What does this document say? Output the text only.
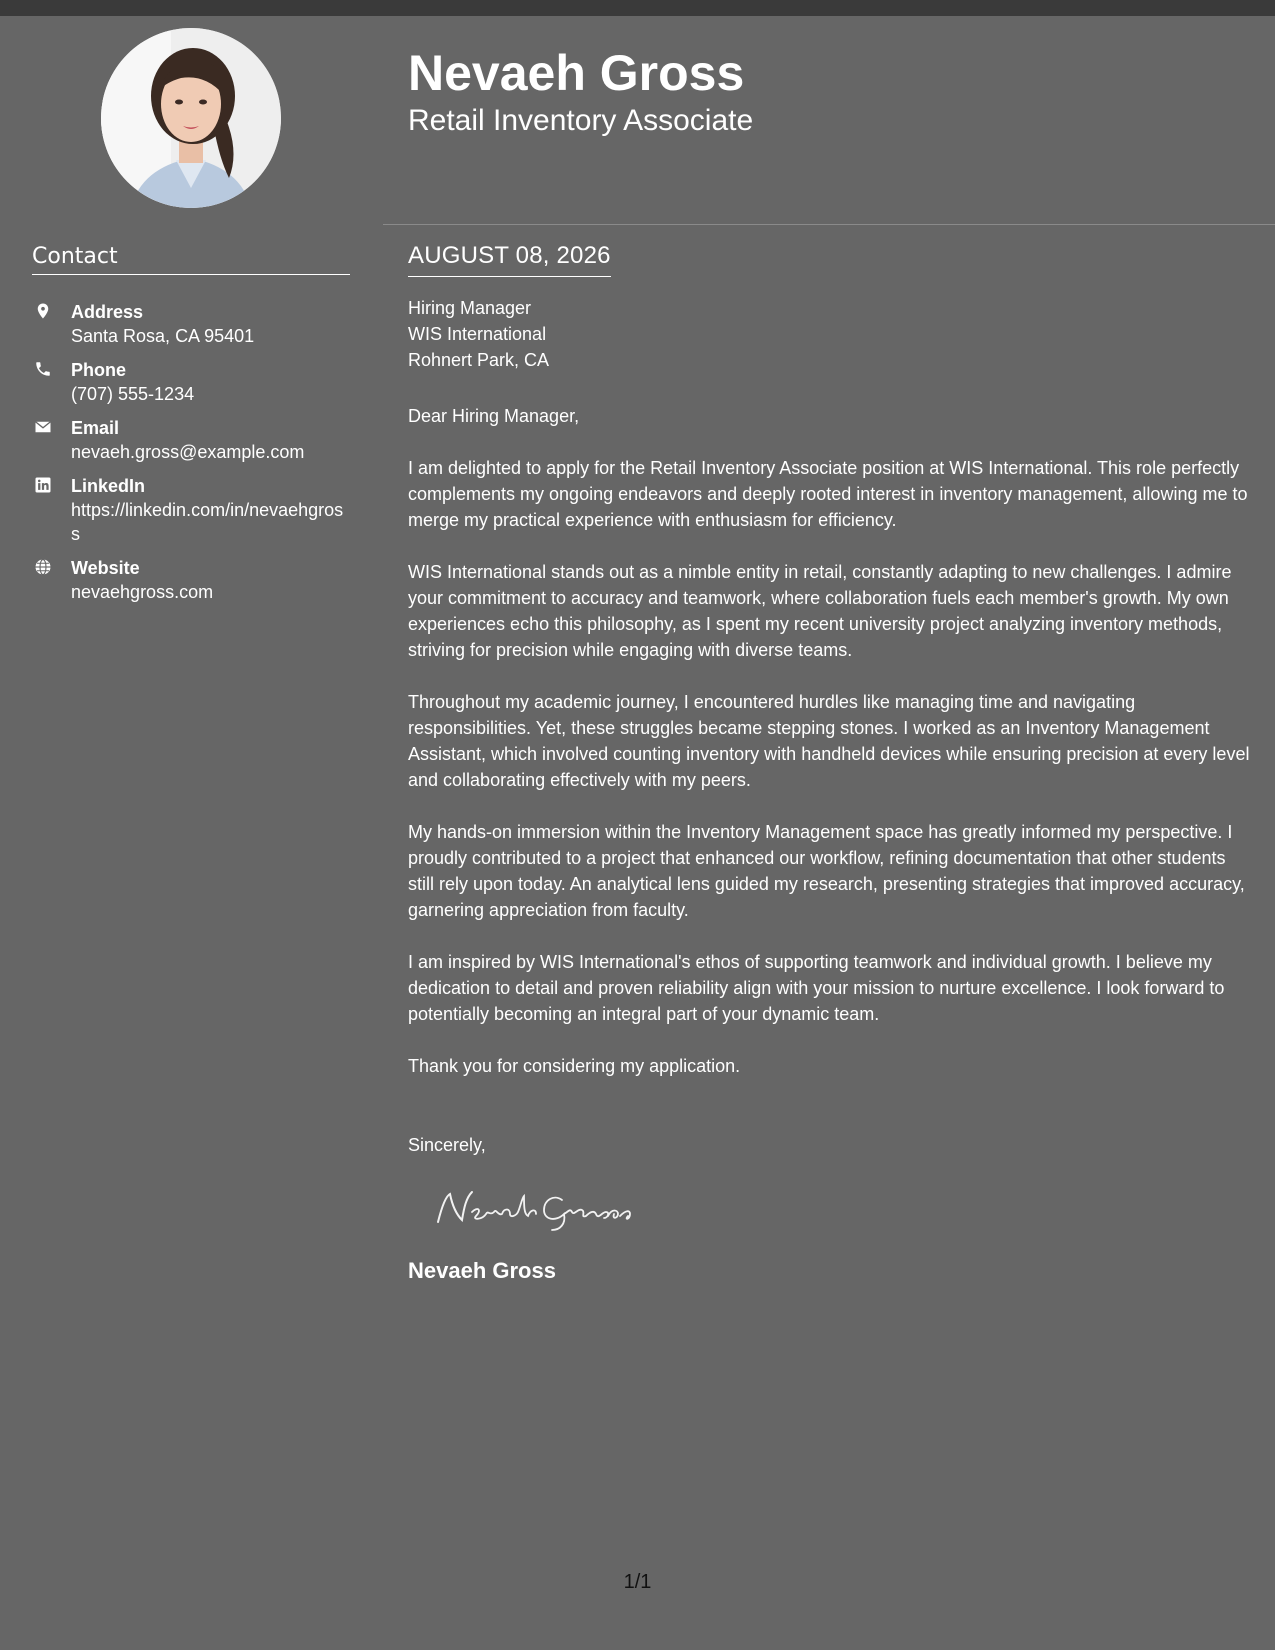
Contact
Address
Santa Rosa, CA 95401
Phone
(707) 555-1234
Email
nevaeh.gross@example.com
LinkedIn
https://linkedin.com/in/nevaehgross
Website
nevaehgross.com
Nevaeh Gross
Retail Inventory Associate
AUGUST 08, 2026
Hiring Manager
WIS International
Rohnert Park, CA

Dear Hiring Manager,

I am delighted to apply for the Retail Inventory Associate position at WIS International. This role perfectly complements my ongoing endeavors and deeply rooted interest in inventory management, allowing me to merge my practical experience with enthusiasm for efficiency.

WIS International stands out as a nimble entity in retail, constantly adapting to new challenges. I admire your commitment to accuracy and teamwork, where collaboration fuels each member's growth. My own experiences echo this philosophy, as I spent my recent university project analyzing inventory methods, striving for precision while engaging with diverse teams.

Throughout my academic journey, I encountered hurdles like managing time and navigating responsibilities. Yet, these struggles became stepping stones. I worked as an Inventory Management Assistant, which involved counting inventory with handheld devices while ensuring precision at every level and collaborating effectively with my peers.

My hands-on immersion within the Inventory Management space has greatly informed my perspective. I proudly contributed to a project that enhanced our workflow, refining documentation that other students still rely upon today. An analytical lens guided my research, presenting strategies that improved accuracy, garnering appreciation from faculty.

I am inspired by WIS International's ethos of supporting teamwork and individual growth. I believe my dedication to detail and proven reliability align with your mission to nurture excellence. I look forward to potentially becoming an integral part of your dynamic team.

Thank you for considering my application.

Sincerely,

Nevaeh Gross
1/1
